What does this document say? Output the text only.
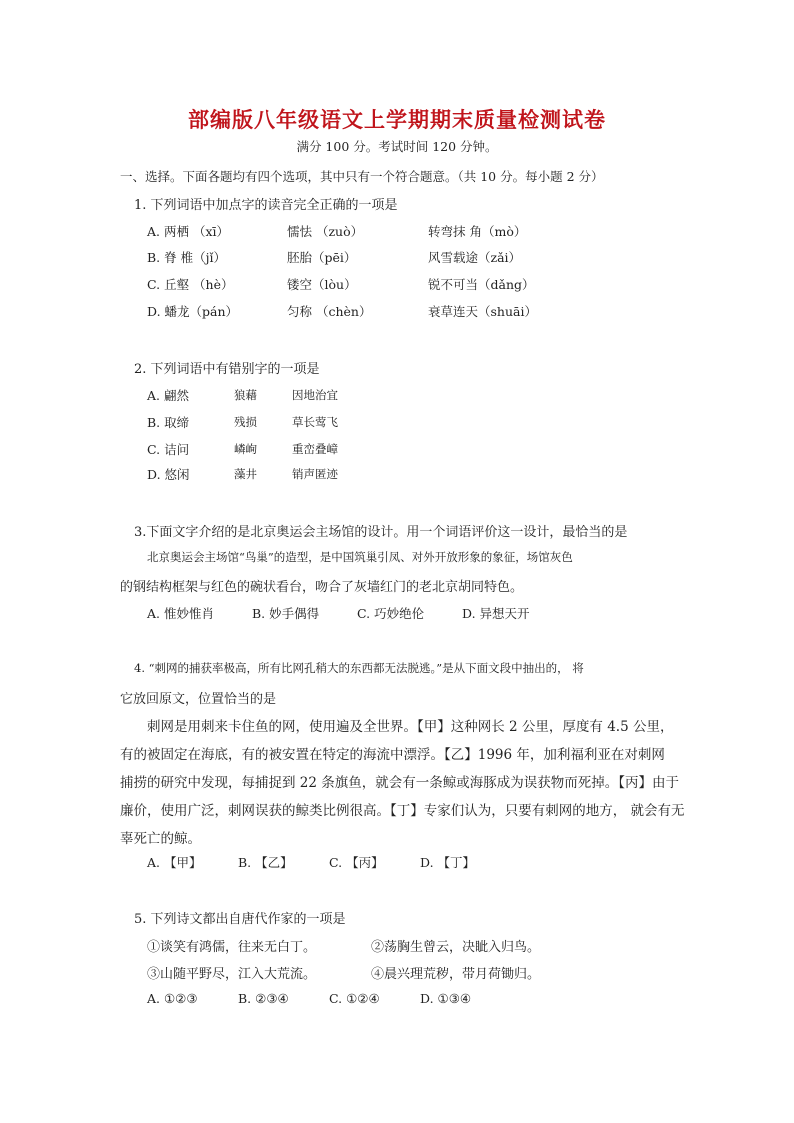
部编版八年级语文上学期期末质量检测试卷
满分 100 分。考试时间 120 分钟。
一、选择。下面各题均有四个选项，其中只有一个符合题意。（共 10 分。每小题 2 分）
1. 下列词语中加点字的读音完全正确的一项是
A. 两栖 （xī）	懦怯 （zuò）	转弯抹 角（mò）
B. 脊 椎（jǐ）	胚胎（pēi）	风雪载途（zǎi）
C. 丘壑 （hè）	镂空（lòu）	锐不可当（dǎng）
D. 蟠龙（pán）	匀称 （chèn）	衰草连天（shuāi）
2. 下列词语中有错别字的一项是
A. 翩然	狼藉	因地治宜
B. 取缔	残损	草长莺飞
C. 诘问	嶙峋	重峦叠嶂
D. 悠闲	藻井	销声匿迹
3.下面文字介绍的是北京奥运会主场馆的设计。用一个词语评价这一设计，最恰当的是
北京奥运会主场馆“鸟巢”的造型，是中国筑巢引凤、对外开放形象的象征，场馆灰色
的钢结构框架与红色的碗状看台，吻合了灰墙红门的老北京胡同特色。
A. 惟妙惟肖	B. 妙手偶得	C. 巧妙绝伦	D. 异想天开
4. “刺网的捕获率极高，所有比网孔稍大的东西都无法脱逃。”是从下面文段中抽出的， 将
它放回原文，位置恰当的是
刺网是用刺来卡住鱼的网，使用遍及全世界。【甲】这种网长 2 公里，厚度有 4.5 公里，
有的被固定在海底，有的被安置在特定的海流中漂浮。【乙】1996 年，加利福利亚在对刺网
捕捞的研究中发现，每捕捉到 22 条旗鱼，就会有一条鲸或海豚成为误获物而死掉。【丙】由于
廉价，使用广泛，刺网误获的鲸类比例很高。【丁】专家们认为，只要有刺网的地方， 就会有无
辜死亡的鲸。
A. 【甲】	B. 【乙】	C. 【丙】	D. 【丁】
5. 下列诗文都出自唐代作家的一项是
①谈笑有鸿儒，往来无白丁。	②荡胸生曾云，决眦入归鸟。
③山随平野尽，江入大荒流。	④晨兴理荒秽，带月荷锄归。
A. ①②③	B. ②③④	C. ①②④	D. ①③④
